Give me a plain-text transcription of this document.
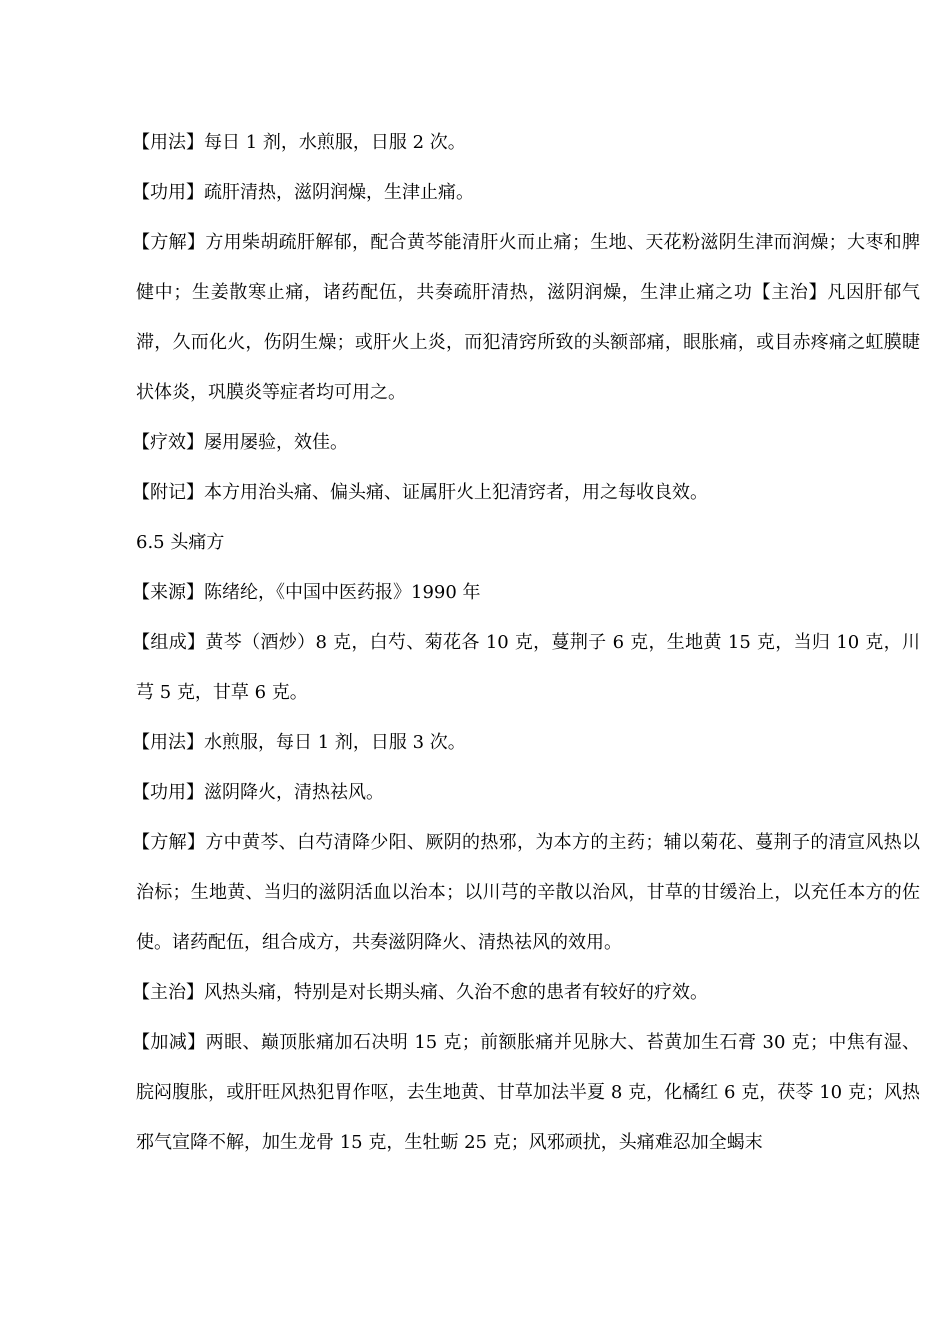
【用法】每日 1 剂，水煎服，日服 2 次。

【功用】疏肝清热，滋阴润燥，生津止痛。

【方解】方用柴胡疏肝解郁，配合黄芩能清肝火而止痛；生地、天花粉滋阴生津而润燥；大枣和脾健中；生姜散寒止痛，诸药配伍，共奏疏肝清热，滋阴润燥，生津止痛之功【主治】凡因肝郁气滞，久而化火，伤阴生燥；或肝火上炎，而犯清窍所致的头额部痛，眼胀痛，或目赤疼痛之虹膜睫状体炎，巩膜炎等症者均可用之。

【疗效】屡用屡验，效佳。

【附记】本方用治头痛、偏头痛、证属肝火上犯清窍者，用之每收良效。

6.5 头痛方

【来源】陈绪纶，《中国中医药报》1990 年

【组成】黄芩（酒炒）8 克，白芍、菊花各 10 克，蔓荆子 6 克，生地黄 15 克，当归 10 克，川芎 5 克，甘草 6 克。

【用法】水煎服，每日 1 剂，日服 3 次。

【功用】滋阴降火，清热祛风。

【方解】方中黄芩、白芍清降少阳、厥阴的热邪，为本方的主药；辅以菊花、蔓荆子的清宣风热以治标；生地黄、当归的滋阴活血以治本；以川芎的辛散以治风，甘草的甘缓治上，以充任本方的佐使。诸药配伍，组合成方，共奏滋阴降火、清热祛风的效用。

【主治】风热头痛，特别是对长期头痛、久治不愈的患者有较好的疗效。

【加减】两眼、巅顶胀痛加石决明 15 克；前额胀痛并见脉大、苔黄加生石膏 30 克；中焦有湿、脘闷腹胀，或肝旺风热犯胃作呕，去生地黄、甘草加法半夏 8 克，化橘红 6 克，茯苓 10 克；风热邪气宣降不解，加生龙骨 15 克，生牡蛎 25 克；风邪顽扰，头痛难忍加全蝎末
